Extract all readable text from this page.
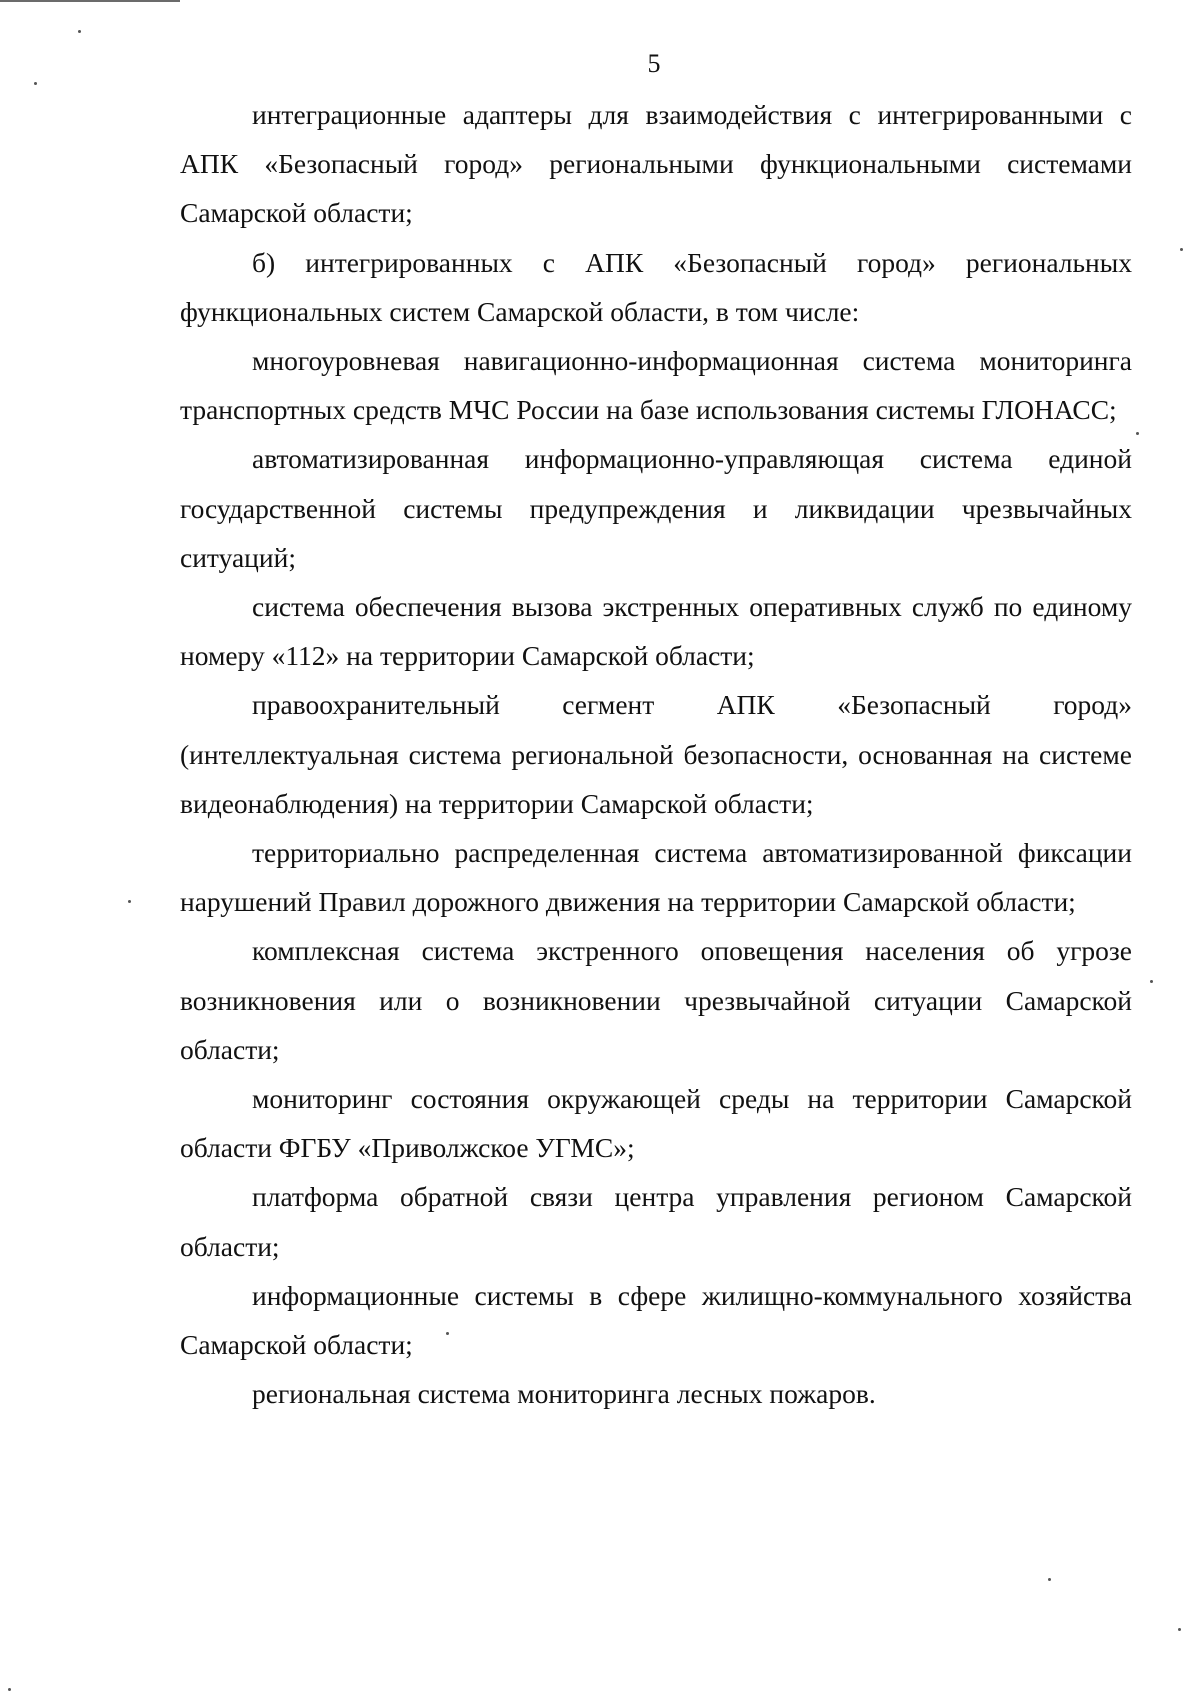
5

интеграционные адаптеры для взаимодействия с интегрированными с АПК «Безопасный город» региональными функциональными системами Самарской области;

б) интегрированных с АПК «Безопасный город» региональных функциональных систем Самарской области, в том числе:

многоуровневая навигационно-информационная система мониторинга транспортных средств МЧС России на базе использования системы ГЛОНАСС;

автоматизированная информационно-управляющая система единой государственной системы предупреждения и ликвидации чрезвычайных ситуаций;

система обеспечения вызова экстренных оперативных служб по единому номеру «112» на территории Самарской области;

правоохранительный сегмент АПК «Безопасный город» (интеллектуальная система региональной безопасности, основанная на системе видеонаблюдения) на территории Самарской области;

территориально распределенная система автоматизированной фиксации нарушений Правил дорожного движения на территории Самарской области;

комплексная система экстренного оповещения населения об угрозе возникновения или о возникновении чрезвычайной ситуации Самарской области;

мониторинг состояния окружающей среды на территории Самарской области ФГБУ «Приволжское УГМС»;

платформа обратной связи центра управления регионом Самарской области;

информационные системы в сфере жилищно-коммунального хозяйства Самарской области;

региональная система мониторинга лесных пожаров.
